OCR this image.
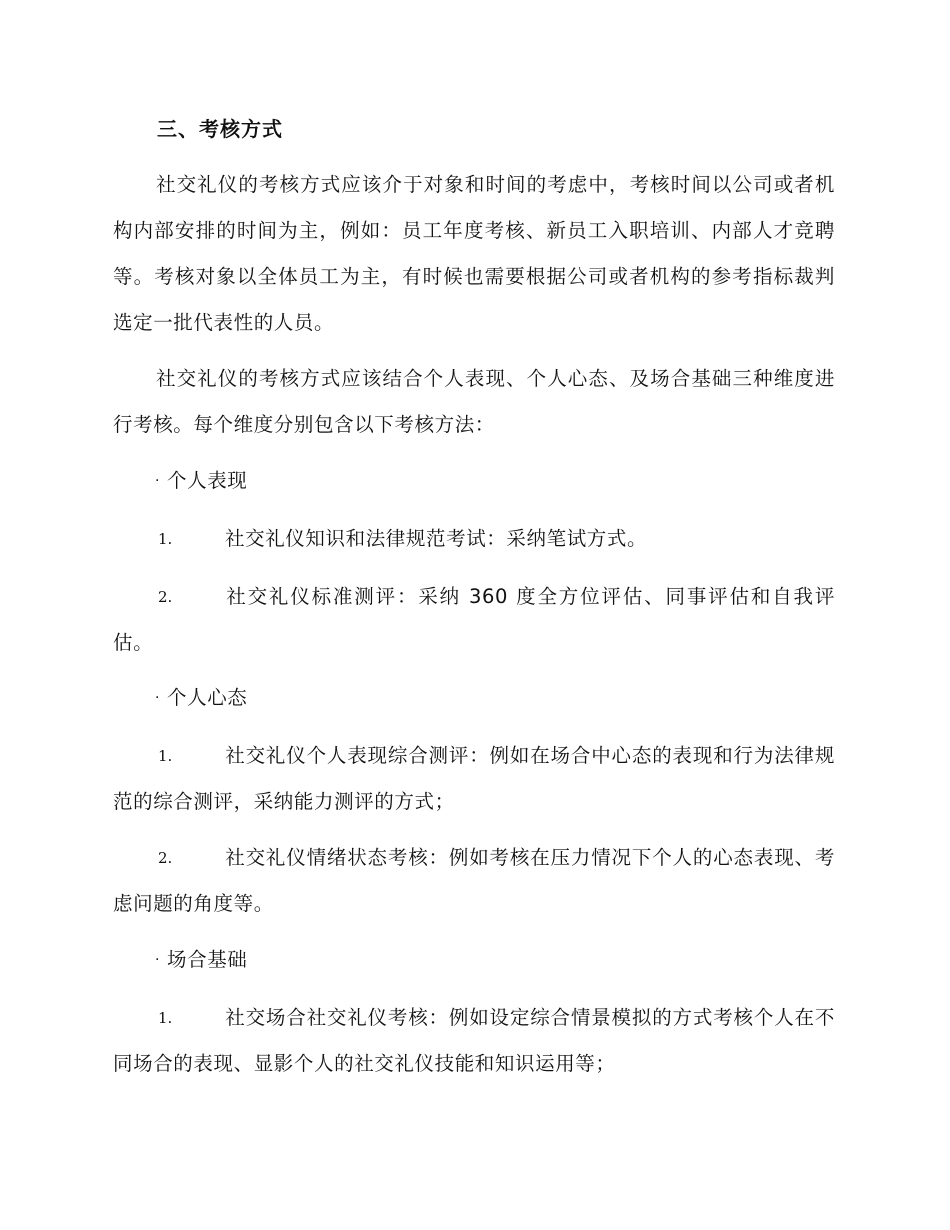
三、考核方式

社交礼仪的考核方式应该介于对象和时间的考虑中，考核时间以公司或者机构内部安排的时间为主，例如：员工年度考核、新员工入职培训、内部人才竞聘等。考核对象以全体员工为主，有时候也需要根据公司或者机构的参考指标裁判选定一批代表性的人员。

社交礼仪的考核方式应该结合个人表现、个人心态、及场合基础三种维度进行考核。每个维度分别包含以下考核方法：

· 个人表现

1.	社交礼仪知识和法律规范考试：采纳笔试方式。

2.	社交礼仪标准测评：采纳 360 度全方位评估、同事评估和自我评估。

· 个人心态

1.	社交礼仪个人表现综合测评：例如在场合中心态的表现和行为法律规范的综合测评，采纳能力测评的方式；

2.	社交礼仪情绪状态考核：例如考核在压力情况下个人的心态表现、考虑问题的角度等。

· 场合基础

1.	社交场合社交礼仪考核：例如设定综合情景模拟的方式考核个人在不同场合的表现、显影个人的社交礼仪技能和知识运用等；
